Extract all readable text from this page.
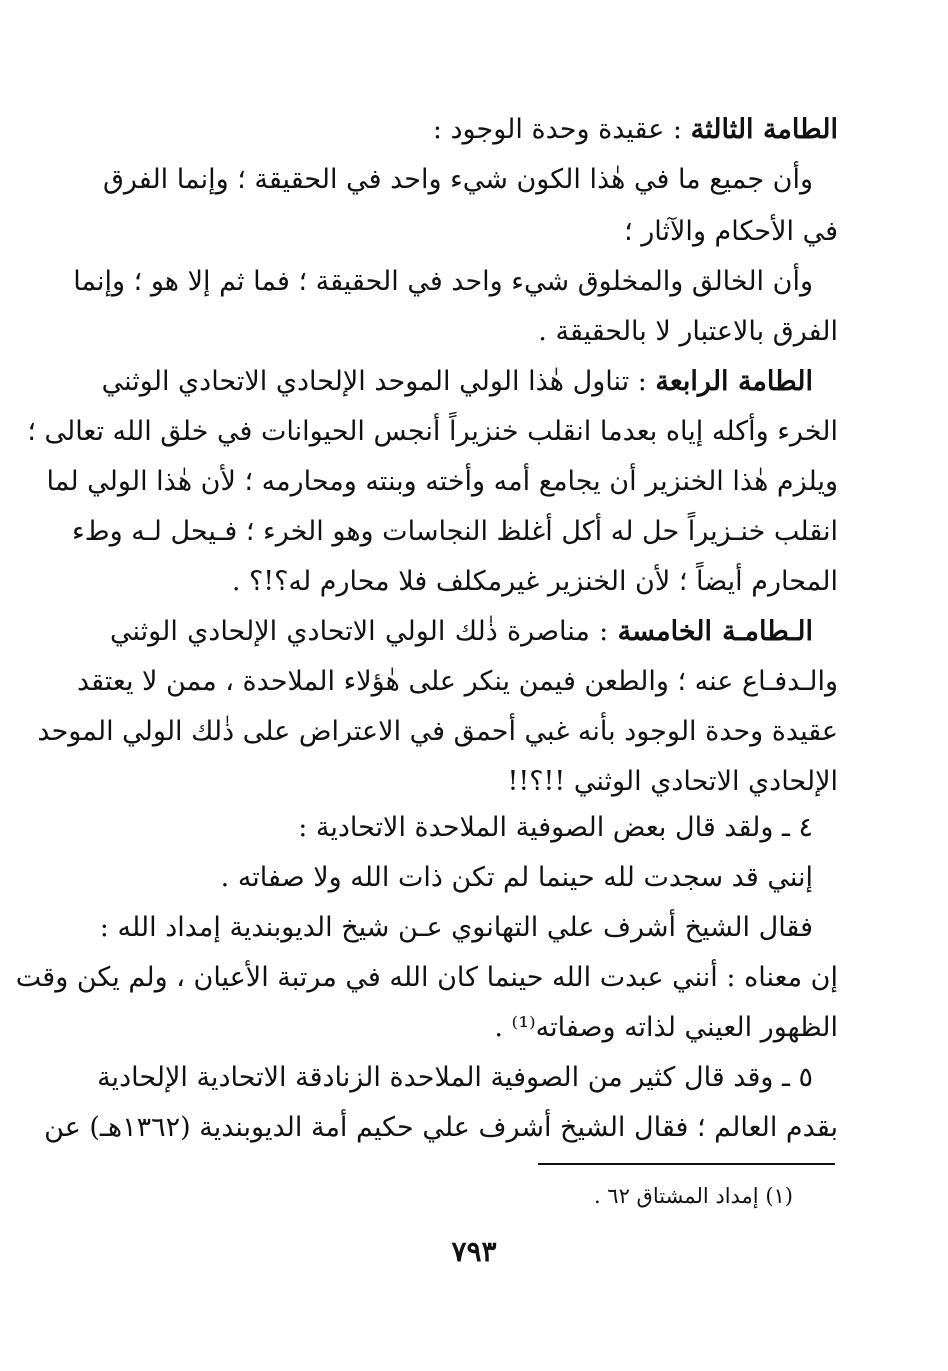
الطامة الثالثة : عقيدة وحدة الوجود :
وأن جميع ما في هٰذا الكون شيء واحد في الحقيقة ؛ وإنما الفرق
في الأحكام والآثار ؛
وأن الخالق والمخلوق شيء واحد في الحقيقة ؛ فما ثم إلا هو ؛ وإنما
الفرق بالاعتبار لا بالحقيقة .
الطامة الرابعة : تناول هٰذا الولي الموحد الإلحادي الاتحادي الوثني
الخرء وأكله إياه بعدما انقلب خنزيراً أنجس الحيوانات في خلق الله تعالى ؛
ويلزم هٰذا الخنزير أن يجامع أمه وأخته وبنته ومحارمه ؛ لأن هٰذا الولي لما
انقلب خنـزيراً حل له أكل أغلظ النجاسات وهو الخرء ؛ فـيحل لـه وطء
المحارم أيضاً ؛ لأن الخنزير غيرمكلف فلا محارم له؟!؟ .
الـطامـة الخامسة : مناصرة ذٰلك الولي الاتحادي الإلحادي الوثني
والـدفـاع عنه ؛ والطعن فيمن ينكر على هٰؤلاء الملاحدة ، ممن لا يعتقد
عقيدة وحدة الوجود بأنه غبي أحمق في الاعتراض على ذٰلك الولي الموحد
الإلحادي الاتحادي الوثني !!؟!!
٤ ـ ولقد قال بعض الصوفية الملاحدة الاتحادية :
إنني قد سجدت لله حينما لم تكن ذات الله ولا صفاته .
فقال الشيخ أشرف علي التهانوي عـن شيخ الديوبندية إمداد الله :
إن معناه : أنني عبدت الله حينما كان الله في مرتبة الأعيان ، ولم يكن وقت
الظهور العيني لذاته وصفاته⁽¹⁾ .
٥ ـ وقد قال كثير من الصوفية الملاحدة الزنادقة الاتحادية الإلحادية
بقدم العالم ؛ فقال الشيخ أشرف علي حكيم أمة الديوبندية (١٣٦٢هـ) عن
(١) إمداد المشتاق ٦٢ .
٧٩٣
